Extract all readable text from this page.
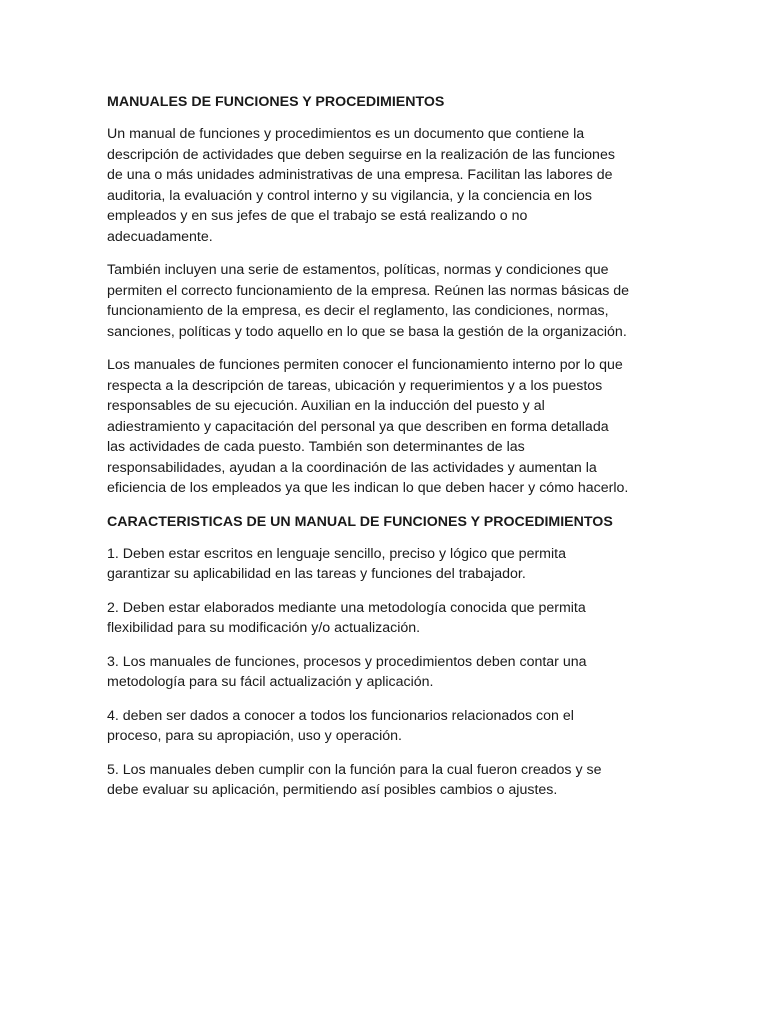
MANUALES DE FUNCIONES Y PROCEDIMIENTOS
Un manual de funciones y procedimientos es un documento que contiene la
descripción de actividades que deben seguirse en la realización de las funciones
de una o más unidades administrativas de una empresa. Facilitan las labores de
auditoria, la evaluación y control interno y su vigilancia, y la conciencia en los
empleados y en sus jefes de que el trabajo se está realizando o no
adecuadamente.
También incluyen una serie de estamentos, políticas, normas y condiciones que
permiten el correcto funcionamiento de la empresa. Reúnen las normas básicas de
funcionamiento de la empresa, es decir el reglamento, las condiciones, normas,
sanciones, políticas y todo aquello en lo que se basa la gestión de la organización.
Los manuales de funciones permiten conocer el funcionamiento interno por lo que
respecta a la descripción de tareas, ubicación y requerimientos y a los puestos
responsables de su ejecución. Auxilian en la inducción del puesto y al
adiestramiento y capacitación del personal ya que describen en forma detallada
las actividades de cada puesto. También son determinantes de las
responsabilidades, ayudan a la coordinación de las actividades y aumentan la
eficiencia de los empleados ya que les indican lo que deben hacer y cómo hacerlo.
CARACTERISTICAS DE UN MANUAL DE FUNCIONES Y PROCEDIMIENTOS
1. Deben estar escritos en lenguaje sencillo, preciso y lógico que permita
garantizar su aplicabilidad en las tareas y funciones del trabajador.
2. Deben estar elaborados mediante una metodología conocida que permita
flexibilidad para su modificación y/o actualización.
3. Los manuales de funciones, procesos y procedimientos deben contar una
metodología para su fácil actualización y aplicación.
4. deben ser dados a conocer a todos los funcionarios relacionados con el
proceso, para su apropiación, uso y operación.
5. Los manuales deben cumplir con la función para la cual fueron creados y se
debe evaluar su aplicación, permitiendo así posibles cambios o ajustes.
